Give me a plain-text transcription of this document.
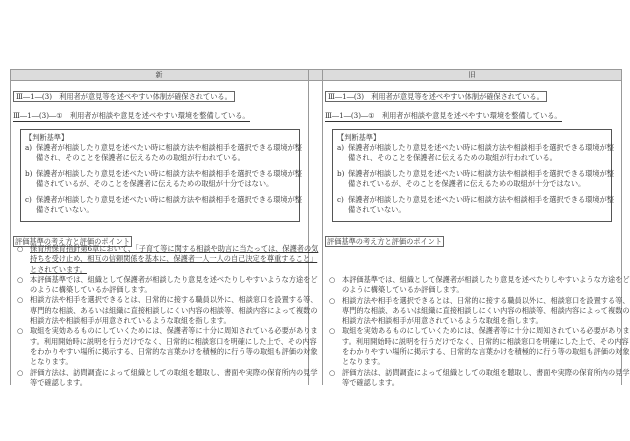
新	旧
Ⅲ―1―(3)　利用者が意見等を述べやすい体制が確保されている。
Ⅲ―1―(3)―①　利用者が相談や意見を述べやすい環境を整備している。
【判断基準】
a) 保護者が相談したり意見を述べたい時に相談方法や相談相手を選択できる環境が整
備され、そのことを保護者に伝えるための取組が行われている。
b) 保護者が相談したり意見を述べたい時に相談方法や相談相手を選択できる環境が整
備されているが、そのことを保護者に伝えるための取組が十分ではない。
c) 保護者が相談したり意見を述べたい時に相談方法や相談相手を選択できる環境が整
備されていない。
評価基準の考え方と評価のポイント
○ 保育所保育指針第6章において、「子育て等に関する相談や助言に当たっては、保護者の気
持ちを受け止め、相互の信頼関係を基本に、保護者一人一人の自己決定を尊重すること」
とされています。
○ 本評価基準では、組織として保護者が相談したり意見を述べたりしやすいような方途をど
のように構築しているか評価します。
○ 相談方法や相手を選択できるとは、日常的に接する職員以外に、相談窓口を設置する等、
専門的な相談、あるいは組織に直接相談しにくい内容の相談等、相談内容によって複数の
相談方法や相談相手が用意されているような取組を指します。
○ 取組を実効あるものにしていくためには、保護者等に十分に周知されている必要がありま
す。利用開始時に説明を行うだけでなく、日常的に相談窓口を明確にした上で、その内容
をわかりやすい場所に掲示する、日常的な言葉かけを積極的に行う等の取組も評価の対象
となります。
○ 評価方法は、訪問調査によって組織としての取組を聴取し、書面や実際の保育所内の見学
等で確認します。
Ⅲ―1―(3)　利用者が意見等を述べやすい体制が確保されている。
Ⅲ―1―(3)―①　利用者が相談や意見を述べやすい環境を整備している。
【判断基準】
a) 保護者が相談したり意見を述べたい時に相談方法や相談相手を選択できる環境が整
備され、そのことを保護者に伝えるための取組が行われている。
b) 保護者が相談したり意見を述べたい時に相談方法や相談相手を選択できる環境が整
備されているが、そのことを保護者に伝えるための取組が十分ではない。
c) 保護者が相談したり意見を述べたい時に相談方法や相談相手を選択できる環境が整
備されていない。
評価基準の考え方と評価のポイント
○ 本評価基準では、組織として保護者が相談したり意見を述べたりしやすいような方途をど
のように構築しているか評価します。
○ 相談方法や相手を選択できるとは、日常的に接する職員以外に、相談窓口を設置する等、
専門的な相談、あるいは組織に直接相談しにくい内容の相談等、相談内容によって複数の
相談方法や相談相手が用意されているような取組を指します。
○ 取組を実効あるものにしていくためには、保護者等に十分に周知されている必要がありま
す。利用開始時に説明を行うだけでなく、日常的に相談窓口を明確にした上で、その内容
をわかりやすい場所に掲示する、日常的な言葉かけを積極的に行う等の取組も評価の対象
となります。
○ 評価方法は、訪問調査によって組織としての取組を聴取し、書面や実際の保育所内の見学
等で確認します。
